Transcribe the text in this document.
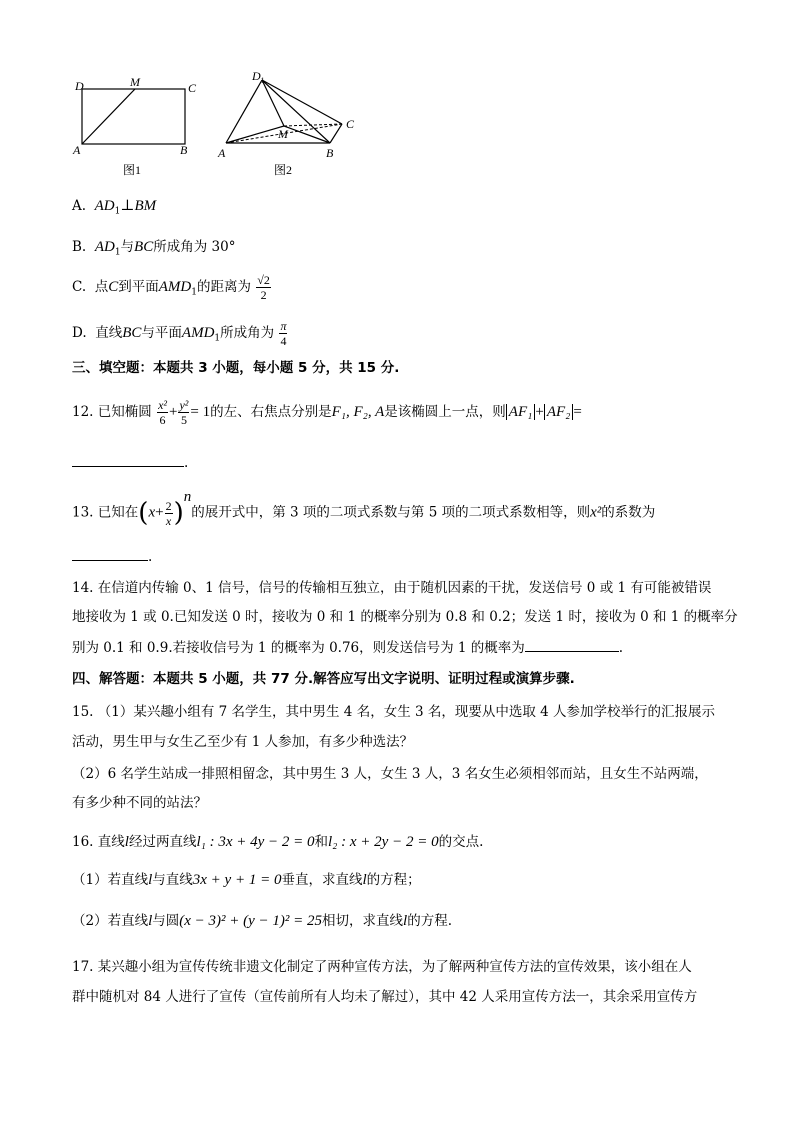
D	M	C
A	B
图1
$D_1$
C
M
A	B
图2
A. $AD_1\perp BM$
B. $AD_1$与BC所成角为 30°
C. 点C到平面$AMD_1$的距离为 $\frac{√2}{2}$
D. 直线BC与平面$AMD_1$所成角为 $\frac{\pi}{4}$
三、填空题：本题共 3 小题，每小题 5 分，共 15 分.
12. 已知椭圆 $\frac{\text{x²}}{6} + \frac{\text{y²}}{5} = 1$的左、右焦点分别是F₁, F₂, A是该椭圆上一点，则 AF₁ + AF₂ =
.
13. 已知在$(x+ \frac{2}{x} )^n$的展开式中，第 3 项的二项式系数与第 5 项的二项式系数相等，则x²的系数为
.
14. 在信道内传输 0、1 信号，信号的传输相互独立，由于随机因素的干扰，发送信号 0 或 1 有可能被错误
地接收为 1 或 0.已知发送 0 时，接收为 0 和 1 的概率分别为 0.8 和 0.2；发送 1 时，接收为 0 和 1 的概率分
别为 0.1 和 0.9.若接收信号为 1 的概率为 0.76，则发送信号为 1 的概率为	.
四、解答题：本题共 5 小题，共 77 分.解答应写出文字说明、证明过程或演算步骤.
15. （1）某兴趣小组有 7 名学生，其中男生 4 名，女生 3 名，现要从中选取 4 人参加学校举行的汇报展示
活动，男生甲与女生乙至少有 1 人参加，有多少种选法？
（2）6 名学生站成一排照相留念，其中男生 3 人，女生 3 人，3 名女生必须相邻而站，且女生不站两端，
有多少种不同的站法？
16. 直线l经过两直线l₁ : 3x + 4y − 2 = 0和l₂ : x + 2y − 2 = 0的交点.
（1）若直线l与直线3x + y + 1 = 0垂直，求直线l的方程；
（2）若直线l与圆(x − 3)² + (y − 1)² = 25相切，求直线l的方程.
17. 某兴趣小组为宣传传统非遗文化制定了两种宣传方法，为了解两种宣传方法的宣传效果，该小组在人
群中随机对 84 人进行了宣传（宣传前所有人均未了解过），其中 42 人采用宣传方法一，其余采用宣传方
